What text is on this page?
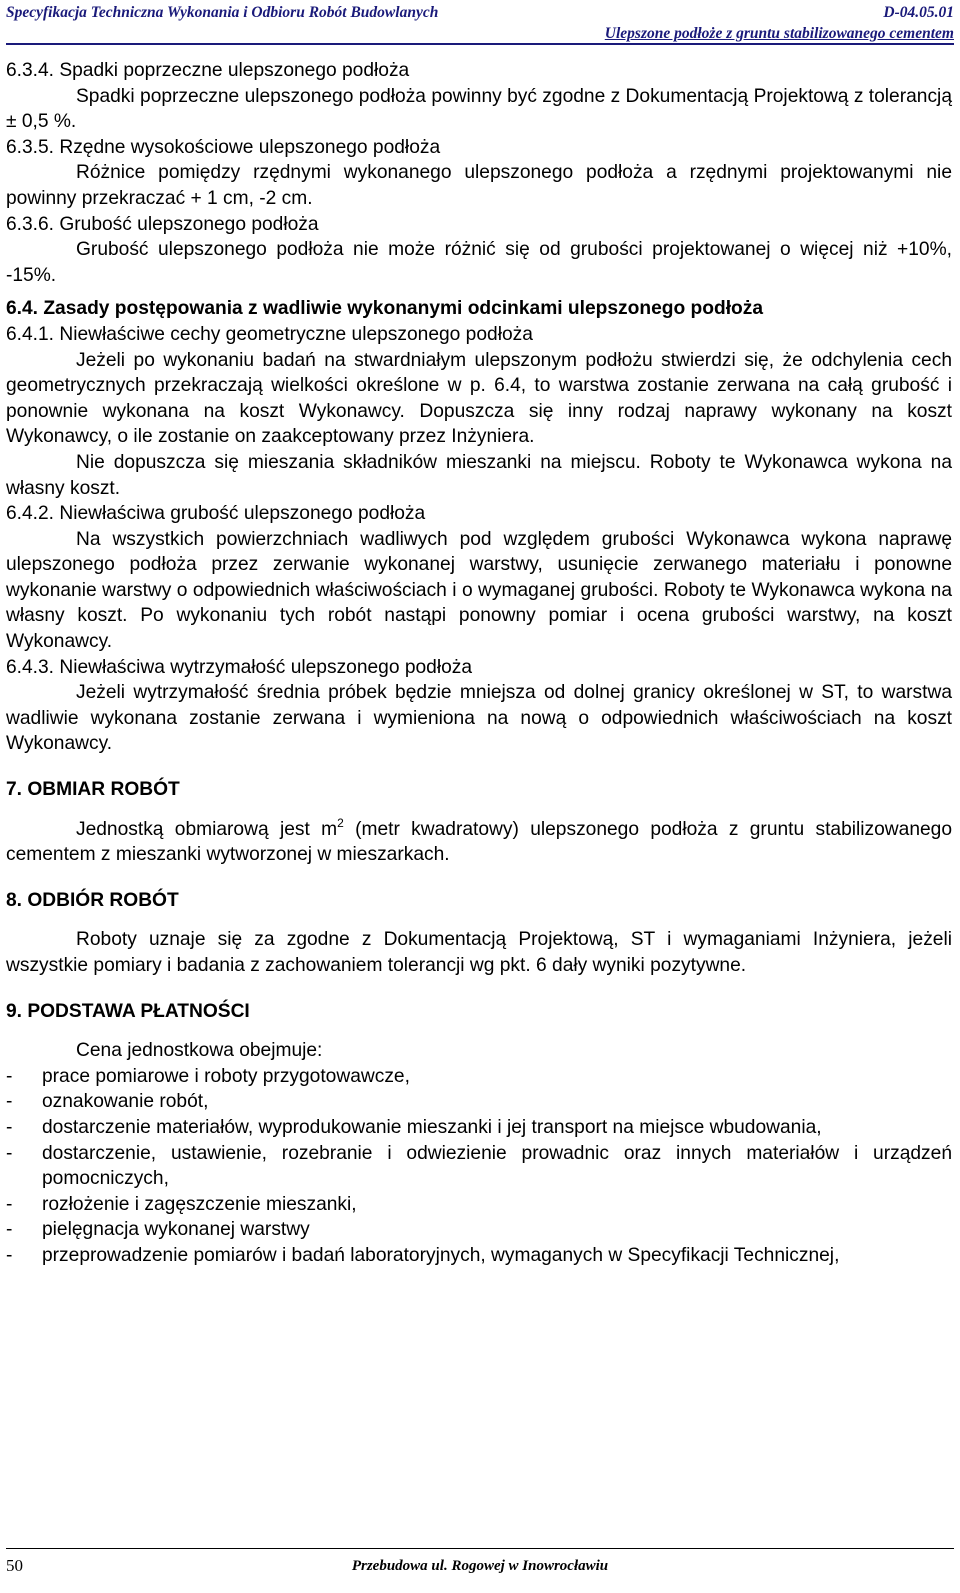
Specyfikacja Techniczna Wykonania i Odbioru Robót Budowlanych	D-04.05.01
Ulepszone podłoże z gruntu stabilizowanego cementem

6.3.4. Spadki poprzeczne ulepszonego podłoża

Spadki poprzeczne ulepszonego podłoża powinny być zgodne z Dokumentacją Projektową z tolerancją ± 0,5 %.

6.3.5. Rzędne wysokościowe ulepszonego podłoża

Różnice pomiędzy rzędnymi wykonanego ulepszonego podłoża a rzędnymi projektowanymi nie powinny przekraczać + 1 cm, -2 cm.

6.3.6. Grubość ulepszonego podłoża

Grubość ulepszonego podłoża nie może różnić się od grubości projektowanej o więcej niż +10%, -15%.

6.4. Zasady postępowania z wadliwie wykonanymi odcinkami ulepszonego podłoża

6.4.1. Niewłaściwe cechy geometryczne ulepszonego podłoża

Jeżeli po wykonaniu badań na stwardniałym ulepszonym podłożu stwierdzi się, że odchylenia cech geometrycznych przekraczają wielkości określone w p. 6.4, to warstwa zostanie zerwana na całą grubość i ponownie wykonana na koszt Wykonawcy. Dopuszcza się inny rodzaj naprawy wykonany na koszt Wykonawcy, o ile zostanie on zaakceptowany przez Inżyniera.

Nie dopuszcza się mieszania składników mieszanki na miejscu. Roboty te Wykonawca wykona na własny koszt.

6.4.2. Niewłaściwa grubość ulepszonego podłoża

Na wszystkich powierzchniach wadliwych pod względem grubości Wykonawca wykona naprawę ulepszonego podłoża przez zerwanie wykonanej warstwy, usunięcie zerwanego materiału i ponowne wykonanie warstwy o odpowiednich właściwościach i o wymaganej grubości. Roboty te Wykonawca wykona na własny koszt. Po wykonaniu tych robót nastąpi ponowny pomiar i ocena grubości warstwy, na koszt Wykonawcy.

6.4.3. Niewłaściwa wytrzymałość ulepszonego podłoża

Jeżeli wytrzymałość średnia próbek będzie mniejsza od dolnej granicy określonej w ST, to warstwa wadliwie wykonana zostanie zerwana i wymieniona na nową o odpowiednich właściwościach na koszt Wykonawcy.

7. OBMIAR ROBÓT

Jednostką obmiarową jest $m^2$ (metr kwadratowy) ulepszonego podłoża z gruntu stabilizowanego cementem z mieszanki wytworzonej w mieszarkach.

8. ODBIÓR ROBÓT

Roboty uznaje się za zgodne z Dokumentacją Projektową, ST i wymaganiami Inżyniera, jeżeli wszystkie pomiary i badania z zachowaniem tolerancji wg pkt. 6 dały wyniki pozytywne.

9. PODSTAWA PŁATNOŚCI

Cena jednostkowa obejmuje:

- prace pomiarowe i roboty przygotowawcze,
- oznakowanie robót,
- dostarczenie materiałów, wyprodukowanie mieszanki i jej transport na miejsce wbudowania,
- dostarczenie, ustawienie, rozebranie i odwiezienie prowadnic oraz innych materiałów i urządzeń pomocniczych,
- rozłożenie i zagęszczenie mieszanki,
- pielęgnacja wykonanej warstwy
- przeprowadzenie pomiarów i badań laboratoryjnych, wymaganych w Specyfikacji Technicznej,
50	Przebudowa ul. Rogowej w Inowrocławiu
